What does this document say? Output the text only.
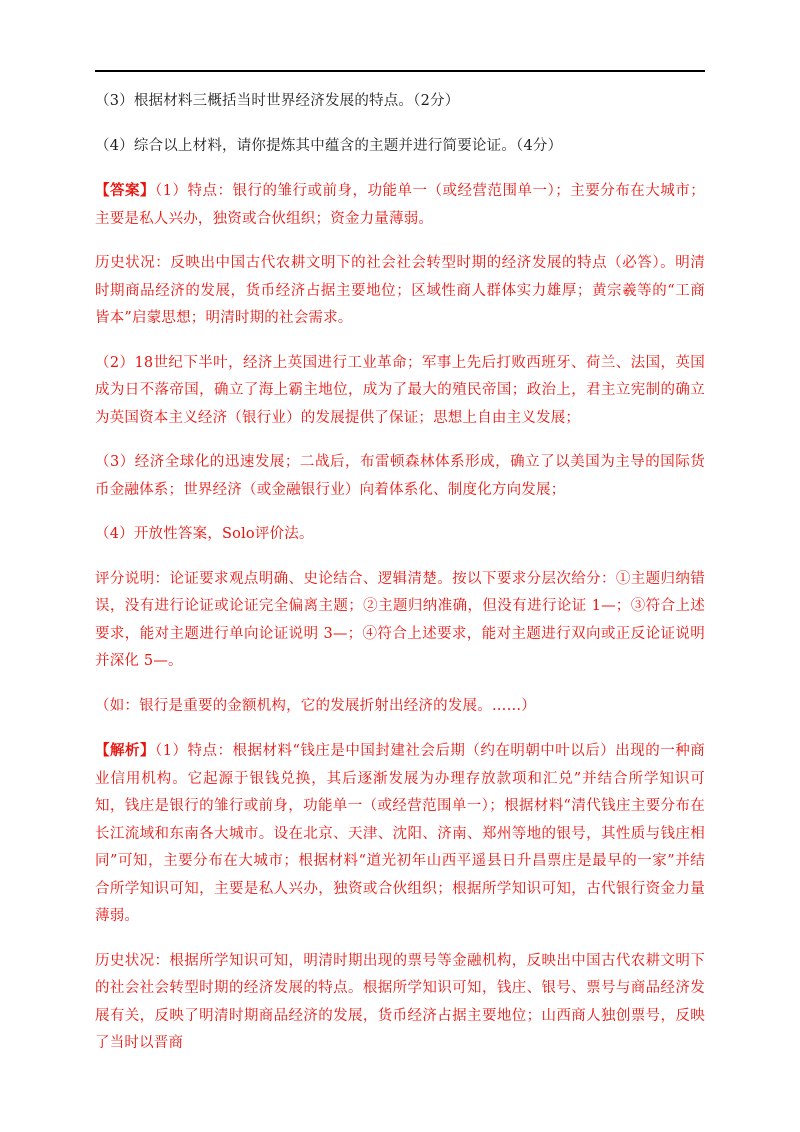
（3）根据材料三概括当时世界经济发展的特点。（2分）

（4）综合以上材料，请你提炼其中蕴含的主题并进行简要论证。（4分）

【答案】（1）特点：银行的雏行或前身，功能单一（或经营范围单一）；主要分布在大城市；主要是私人兴办，独资或合伙组织；资金力量薄弱。

历史状况：反映出中国古代农耕文明下的社会社会转型时期的经济发展的特点（必答）。明清时期商品经济的发展，货币经济占据主要地位；区域性商人群体实力雄厚；黄宗羲等的“工商皆本”启蒙思想；明清时期的社会需求。

（2）18世纪下半叶，经济上英国进行工业革命；军事上先后打败西班牙、荷兰、法国，英国成为日不落帝国，确立了海上霸主地位，成为了最大的殖民帝国；政治上，君主立宪制的确立为英国资本主义经济（银行业）的发展提供了保证；思想上自由主义发展；

（3）经济全球化的迅速发展；二战后，布雷顿森林体系形成，确立了以美国为主导的国际货币金融体系；世界经济（或金融银行业）向着体系化、制度化方向发展；

（4）开放性答案，Solo评价法。

评分说明：论证要求观点明确、史论结合、逻辑清楚。按以下要求分层次给分：①主题归纳错误，没有进行论证或论证完全偏离主题；②主题归纳准确，但没有进行论证 1—；③符合上述要求，能对主题进行单向论证说明 3—；④符合上述要求，能对主题进行双向或正反论证说明并深化 5—。

（如：银行是重要的金额机构，它的发展折射出经济的发展。……）

【解析】（1）特点：根据材料“钱庄是中国封建社会后期（约在明朝中叶以后）出现的一种商业信用机构。它起源于银钱兑换，其后逐渐发展为办理存放款项和汇兑”并结合所学知识可知，钱庄是银行的雏行或前身，功能单一（或经营范围单一）；根据材料“清代钱庄主要分布在长江流域和东南各大城市。设在北京、天津、沈阳、济南、郑州等地的银号，其性质与钱庄相同”可知，主要分布在大城市；根据材料“道光初年山西平遥县日升昌票庄是最早的一家”并结合所学知识可知，主要是私人兴办，独资或合伙组织；根据所学知识可知，古代银行资金力量薄弱。

历史状况：根据所学知识可知，明清时期出现的票号等金融机构，反映出中国古代农耕文明下的社会社会转型时期的经济发展的特点。根据所学知识可知，钱庄、银号、票号与商品经济发展有关，反映了明清时期商品经济的发展，货币经济占据主要地位；山西商人独创票号，反映了当时以晋商
